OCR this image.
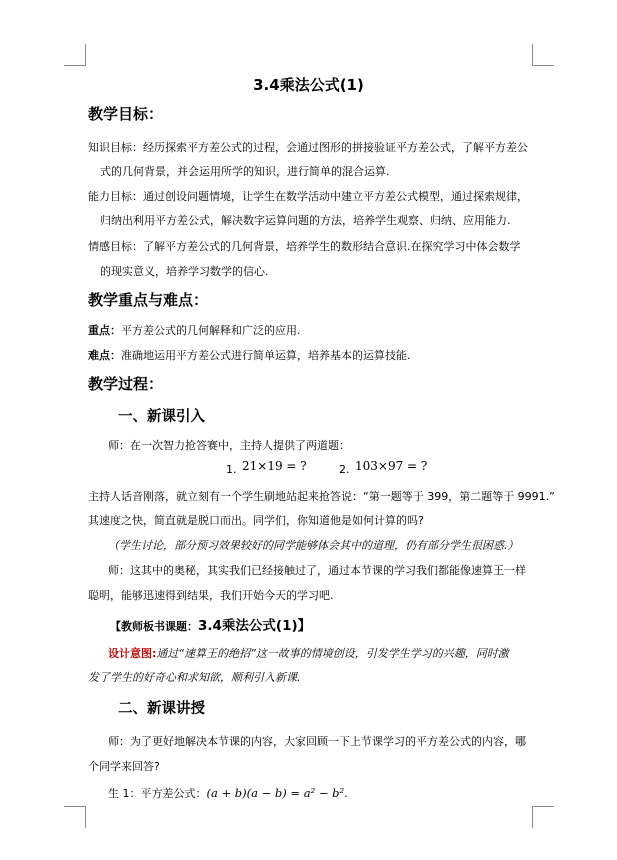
3.4乘法公式(1)
教学目标：
知识目标：经历探索平方差公式的过程，会通过图形的拼接验证平方差公式，了解平方差公
式的几何背景，并会运用所学的知识，进行简单的混合运算.
能力目标：通过创设问题情境，让学生在数学活动中建立平方差公式模型，通过探索规律，
归纳出利用平方差公式，解决数字运算问题的方法，培养学生观察、归纳、应用能力.
情感目标：了解平方差公式的几何背景，培养学生的数形结合意识.在探究学习中体会数学
的现实意义，培养学习数学的信心.
教学重点与难点：
重点：平方差公式的几何解释和广泛的应用.
难点：准确地运用平方差公式进行简单运算，培养基本的运算技能.
教学过程：
一、新课引入
师：在一次智力抢答赛中，主持人提供了两道题：
1. 21×19 = ?	2. 103×97 = ?
主持人话音刚落，就立刻有一个学生刷地站起来抢答说：“第一题等于 399，第二题等于 9991.”
其速度之快，简直就是脱口而出。同学们，你知道他是如何计算的吗?
（学生讨论，部分预习效果较好的同学能够体会其中的道理，仍有部分学生很困惑.）
师：这其中的奥秘，其实我们已经接触过了，通过本节课的学习我们都能像速算王一样
聪明，能够迅速得到结果，我们开始今天的学习吧.
【教师板书课题：3.4乘法公式(1)】
设计意图:通过“速算王的绝招”这一故事的情境创设，引发学生学习的兴趣，同时激
发了学生的好奇心和求知欲，顺利引入新课.
二、新课讲授
师：为了更好地解决本节课的内容，大家回顾一下上节课学习的平方差公式的内容，哪
个同学来回答?
生 1：平方差公式：(a + b)(a − b) = a² − b².
